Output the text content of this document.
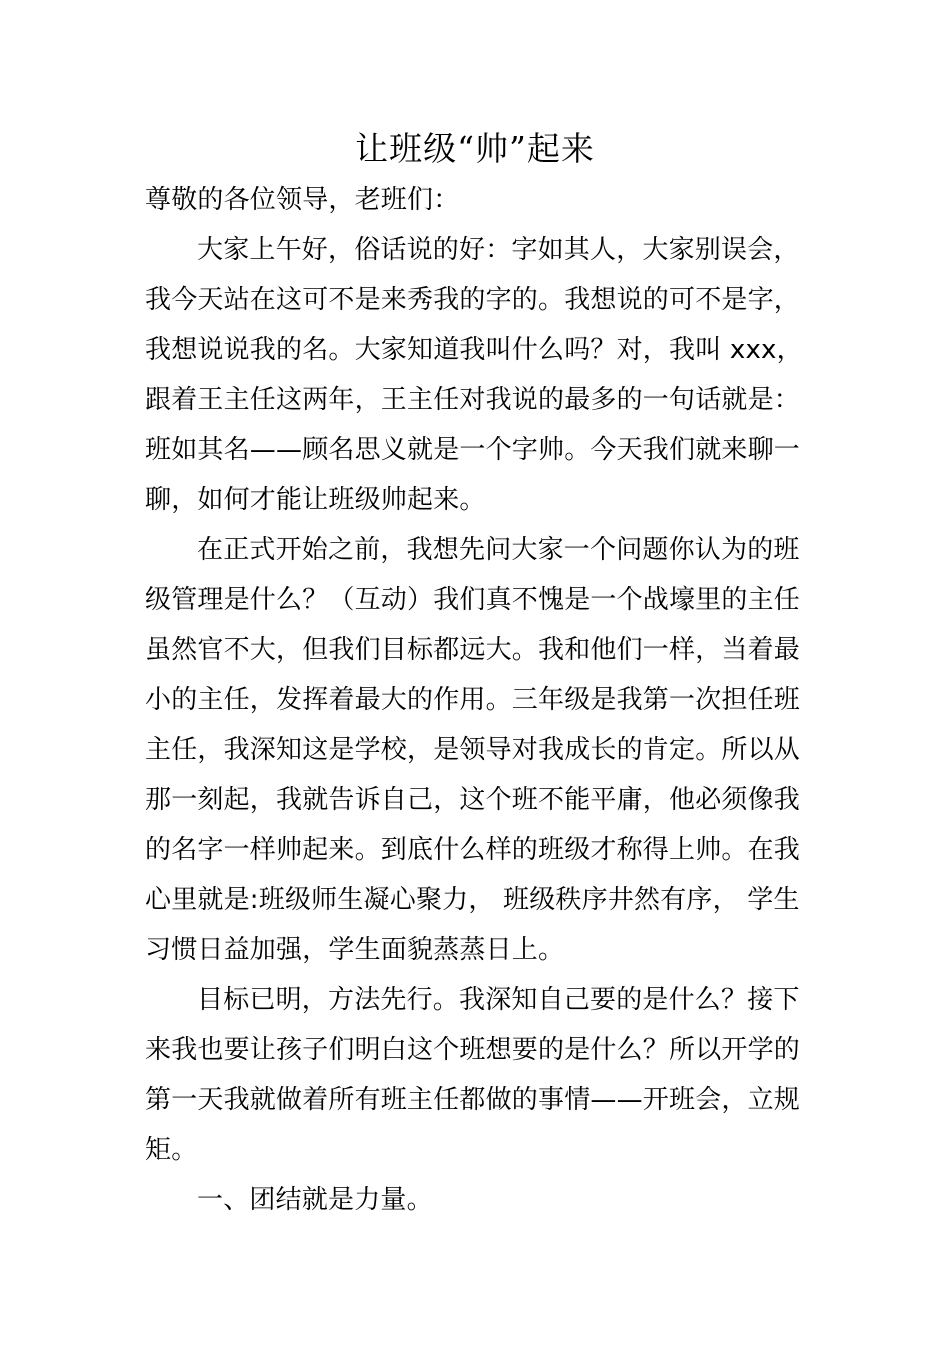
让班级“帅”起来
尊敬的各位领导，老班们：
大家上午好，俗话说的好：字如其人，大家别误会，
我今天站在这可不是来秀我的字的。我想说的可不是字，
我想说说我的名。大家知道我叫什么吗？对，我叫 xxx，
跟着王主任这两年，王主任对我说的最多的一句话就是：
班如其名——顾名思义就是一个字帅。今天我们就来聊一
聊，如何才能让班级帅起来。
在正式开始之前，我想先问大家一个问题你认为的班
级管理是什么？（互动）我们真不愧是一个战壕里的主任
虽然官不大，但我们目标都远大。我和他们一样，当着最
小的主任，发挥着最大的作用。三年级是我第一次担任班
主任，我深知这是学校，是领导对我成长的肯定。所以从
那一刻起，我就告诉自己，这个班不能平庸，他必须像我
的名字一样帅起来。到底什么样的班级才称得上帅。在我
心里就是:班级师生凝心聚力， 班级秩序井然有序， 学生
习惯日益加强，学生面貌蒸蒸日上。
目标已明，方法先行。我深知自己要的是什么？接下
来我也要让孩子们明白这个班想要的是什么？所以开学的
第一天我就做着所有班主任都做的事情——开班会，立规
矩。
一、团结就是力量。
